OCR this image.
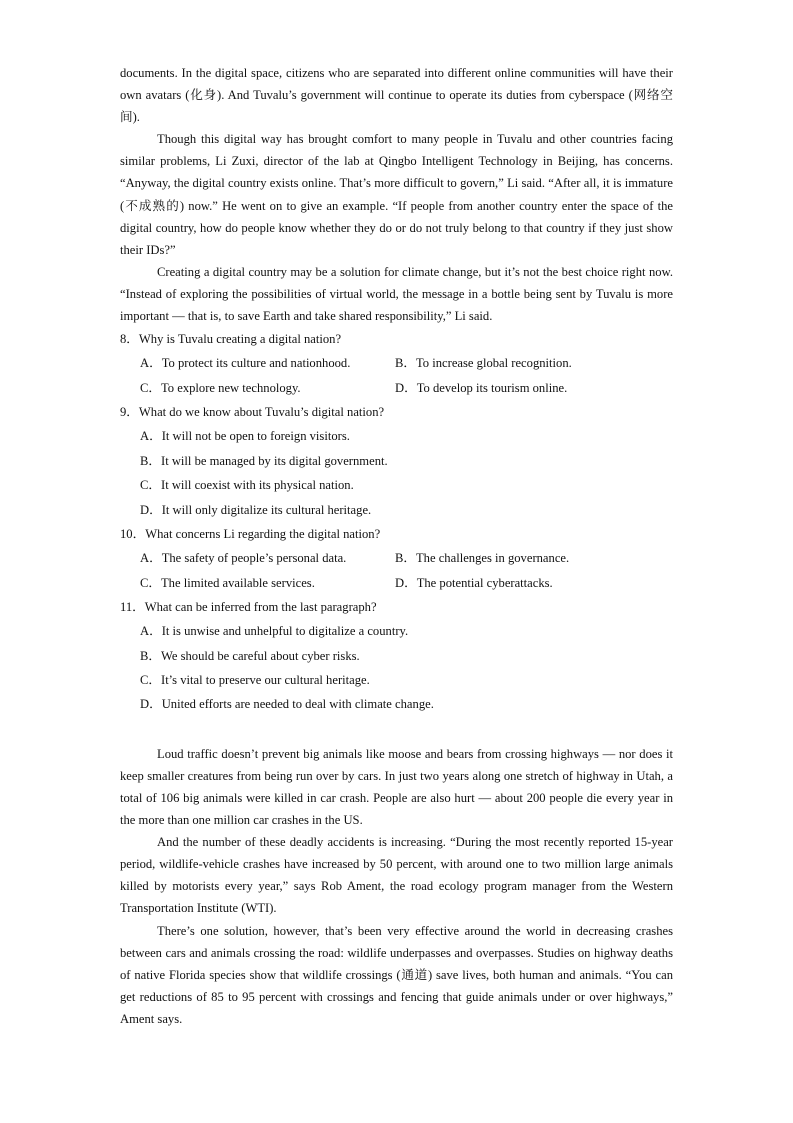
documents. In the digital space, citizens who are separated into different online communities will have their own avatars (化身). And Tuvalu’s government will continue to operate its duties from cyberspace (网络空间).

Though this digital way has brought comfort to many people in Tuvalu and other countries facing similar problems, Li Zuxi, director of the lab at Qingbo Intelligent Technology in Beijing, has concerns. “Anyway, the digital country exists online. That’s more difficult to govern,” Li said. “After all, it is immature (不成熟的) now.” He went on to give an example. “If people from another country enter the space of the digital country, how do people know whether they do or do not truly belong to that country if they just show their IDs?”

Creating a digital country may be a solution for climate change, but it’s not the best choice right now. “Instead of exploring the possibilities of virtual world, the message in a bottle being sent by Tuvalu is more important — that is, to save Earth and take shared responsibility,” Li said.

8．Why is Tuvalu creating a digital nation?

A．To protect its culture and nationhood.	B．To increase global recognition.

C．To explore new technology.	D．To develop its tourism online.

9．What do we know about Tuvalu’s digital nation?

A．It will not be open to foreign visitors.

B．It will be managed by its digital government.

C．It will coexist with its physical nation.

D．It will only digitalize its cultural heritage.

10．What concerns Li regarding the digital nation?

A．The safety of people’s personal data.	B．The challenges in governance.

C．The limited available services.	D．The potential cyberattacks.

11．What can be inferred from the last paragraph?

A．It is unwise and unhelpful to digitalize a country.

B．We should be careful about cyber risks.

C．It’s vital to preserve our cultural heritage.

D．United efforts are needed to deal with climate change.

Loud traffic doesn’t prevent big animals like moose and bears from crossing highways — nor does it keep smaller creatures from being run over by cars. In just two years along one stretch of highway in Utah, a total of 106 big animals were killed in car crash. People are also hurt — about 200 people die every year in the more than one million car crashes in the US.

And the number of these deadly accidents is increasing. “During the most recently reported 15-year period, wildlife-vehicle crashes have increased by 50 percent, with around one to two million large animals killed by motorists every year,” says Rob Ament, the road ecology program manager from the Western Transportation Institute (WTI).

There’s one solution, however, that’s been very effective around the world in decreasing crashes between cars and animals crossing the road: wildlife underpasses and overpasses. Studies on highway deaths of native Florida species show that wildlife crossings (通道) save lives, both human and animals. “You can get reductions of 85 to 95 percent with crossings and fencing that guide animals under or over highways,” Ament says.
